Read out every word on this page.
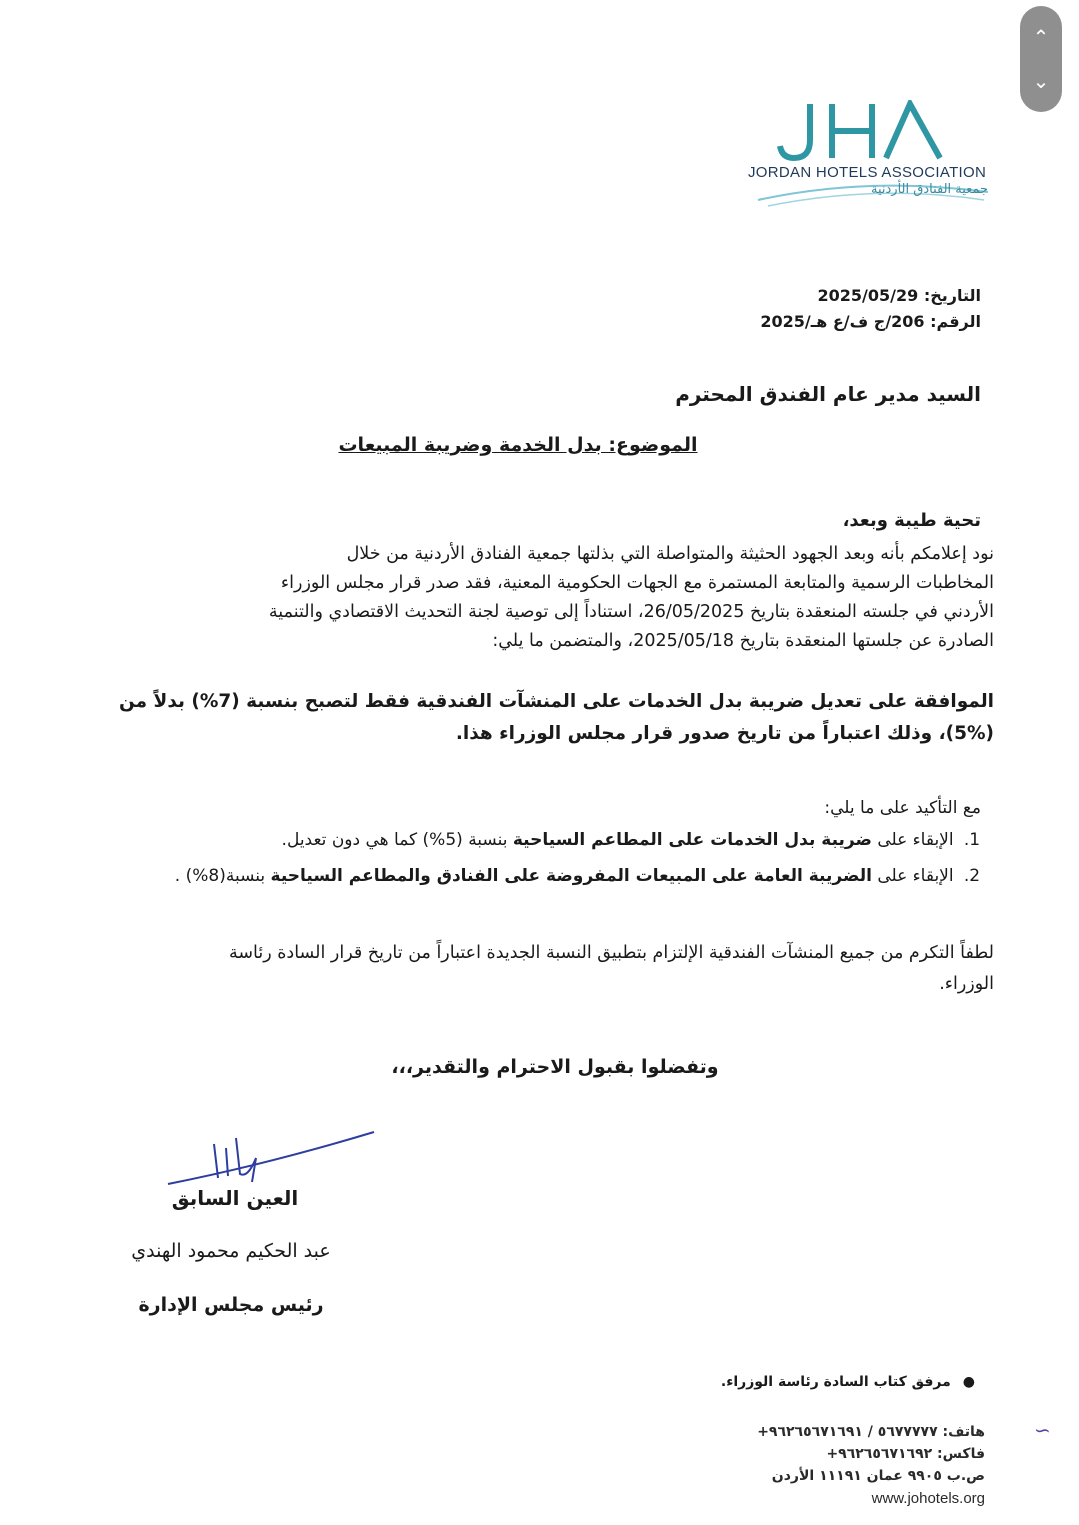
⌃
⌄
JORDAN HOTELS ASSOCIATION
جمعية الفنادق الأردنية
التاريخ: 2025/05/29
الرقم: 206/ج ف/ع هـ/2025
السيد مدير عام الفندق المحترم
الموضوع: بدل الخدمة وضريبة المبيعات
تحية طيبة وبعد،
نود إعلامكم بأنه وبعد الجهود الحثيثة والمتواصلة التي بذلتها جمعية الفنادق الأردنية من خلال
المخاطبات الرسمية والمتابعة المستمرة مع الجهات الحكومية المعنية، فقد صدر قرار مجلس الوزراء
الأردني في جلسته المنعقدة بتاريخ 26/05/2025، استناداً إلى توصية لجنة التحديث الاقتصادي والتنمية
الصادرة عن جلستها المنعقدة بتاريخ 2025/05/18، والمتضمن ما يلي:
الموافقة على تعديل ضريبة بدل الخدمات على المنشآت الفندقية فقط لتصبح بنسبة (7%) بدلاً من
(5%)، وذلك اعتباراً من تاريخ صدور قرار مجلس الوزراء هذا.
مع التأكيد على ما يلي:
1. الإبقاء على ضريبة بدل الخدمات على المطاعم السياحية بنسبة (5%) كما هي دون تعديل.
2. الإبقاء على الضريبة العامة على المبيعات المفروضة على الفنادق والمطاعم السياحية بنسبة(8%) .
لطفاً التكرم من جميع المنشآت الفندقية الإلتزام بتطبيق النسبة الجديدة اعتباراً من تاريخ قرار السادة رئاسة
الوزراء.
وتفضلوا بقبول الاحترام والتقدير،،،
العين السابق
عبد الحكيم محمود الهندي
رئيس مجلس الإدارة
●مرفق كتاب السادة رئاسة الوزراء.
هاتف: ٥٦٧٧٧٧٧ / ٩٦٢٦٥٦٧١٦٩١+
فاكس: ٩٦٢٦٥٦٧١٦٩٢+
ص.ب ٩٩٠٥ عمان ١١١٩١ الأردن
www.johotels.org
∽
